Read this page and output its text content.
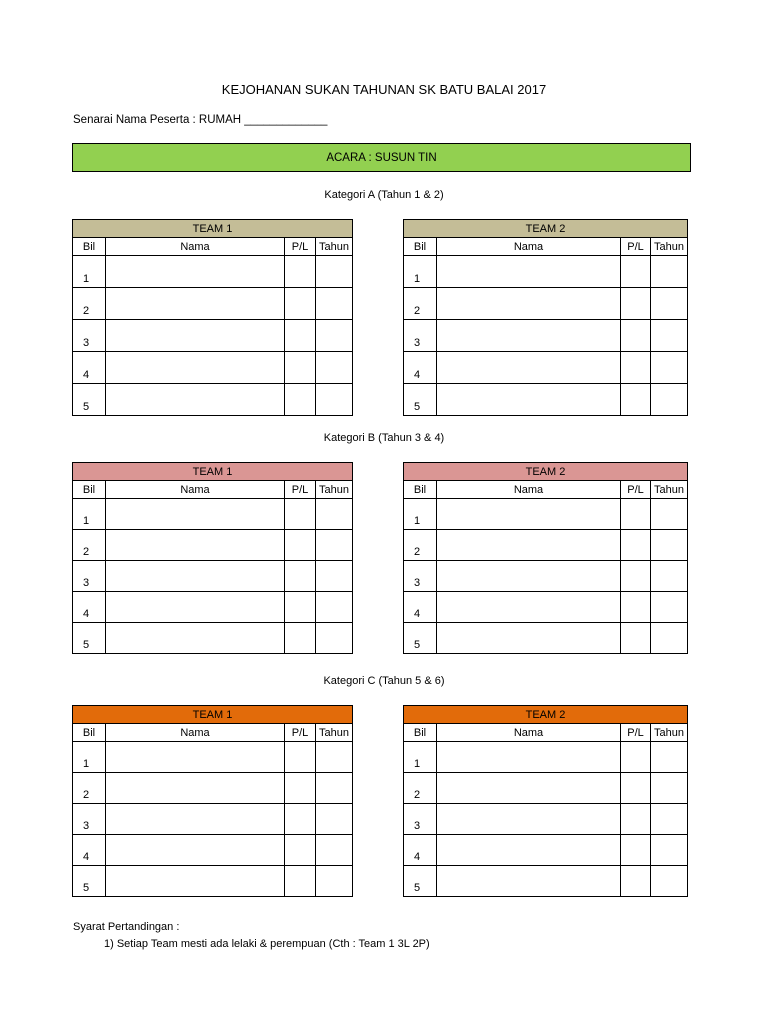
KEJOHANAN SUKAN TAHUNAN SK BATU BALAI 2017
Senarai Nama Peserta : RUMAH _____________
ACARA : SUSUN TIN
Kategori A (Tahun 1 & 2)
TEAM 1			
Bil	Nama	P/L	Tahun
1			
2			
3			
4			
5			
TEAM 2			
Bil	Nama	P/L	Tahun
1			
2			
3			
4			
5			
Kategori B (Tahun 3 & 4)
TEAM 1			
Bil	Nama	P/L	Tahun
1			
2			
3			
4			
5			
TEAM 2			
Bil	Nama	P/L	Tahun
1			
2			
3			
4			
5			
Kategori C (Tahun 5 & 6)
TEAM 1			
Bil	Nama	P/L	Tahun
1			
2			
3			
4			
5			
TEAM 2			
Bil	Nama	P/L	Tahun
1			
2			
3			
4			
5			
Syarat Pertandingan :
1) Setiap Team mesti ada lelaki & perempuan (Cth : Team 1 3L 2P)
